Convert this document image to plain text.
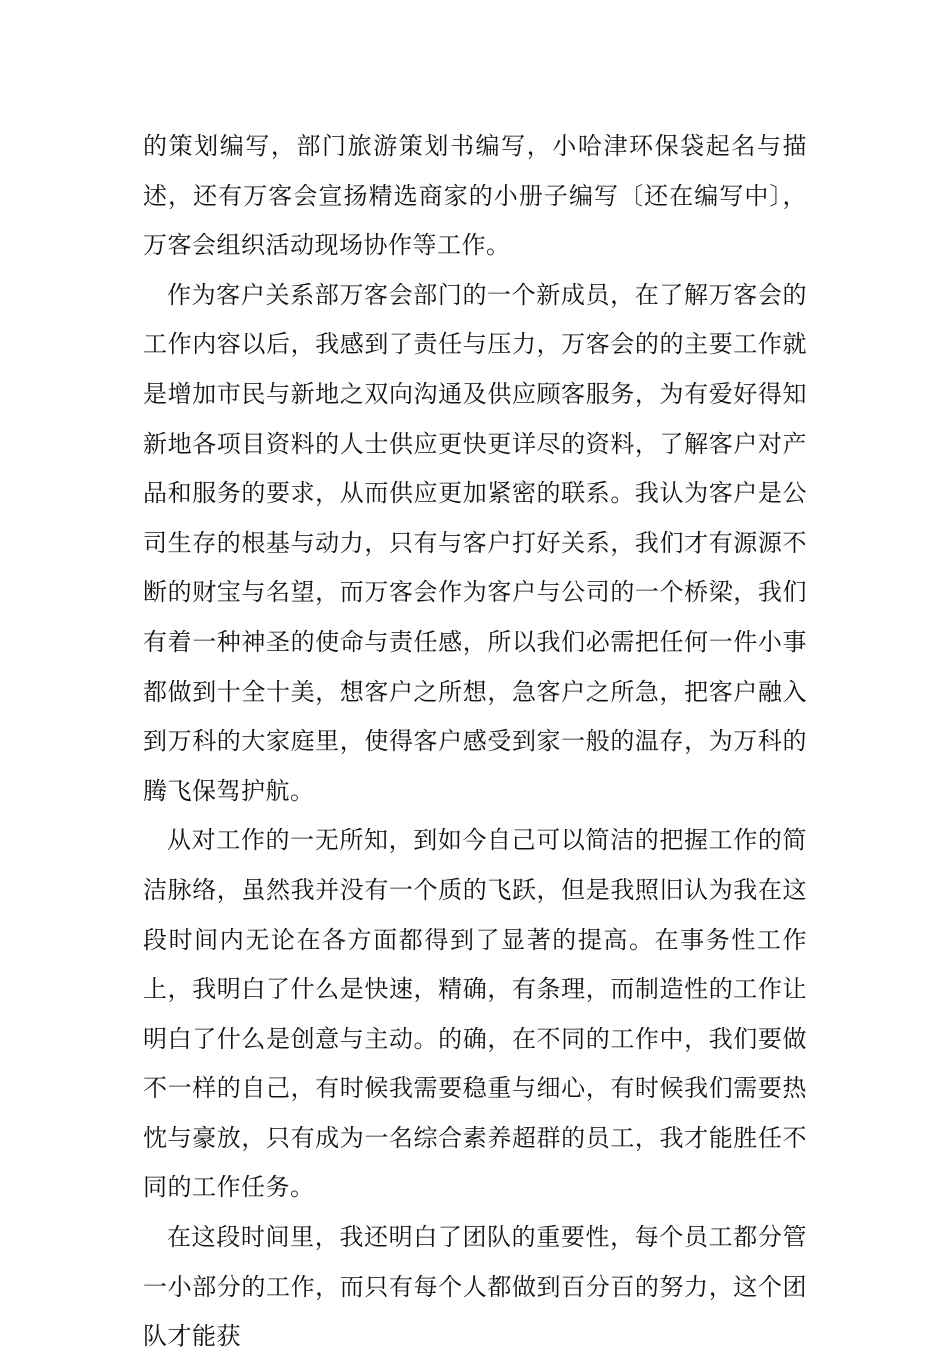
的策划编写，部门旅游策划书编写，小哈津环保袋起名与描述，还有万客会宣扬精选商家的小册子编写〔还在编写中〕，万客会组织活动现场协作等工作。

作为客户关系部万客会部门的一个新成员，在了解万客会的工作内容以后，我感到了责任与压力，万客会的的主要工作就是增加市民与新地之双向沟通及供应顾客服务，为有爱好得知新地各项目资料的人士供应更快更详尽的资料，了解客户对产品和服务的要求，从而供应更加紧密的联系。我认为客户是公司生存的根基与动力，只有与客户打好关系，我们才有源源不断的财宝与名望，而万客会作为客户与公司的一个桥梁，我们有着一种神圣的使命与责任感，所以我们必需把任何一件小事都做到十全十美，想客户之所想，急客户之所急，把客户融入到万科的大家庭里，使得客户感受到家一般的温存，为万科的腾飞保驾护航。

从对工作的一无所知，到如今自己可以简洁的把握工作的简洁脉络，虽然我并没有一个质的飞跃，但是我照旧认为我在这段时间内无论在各方面都得到了显著的提高。在事务性工作上，我明白了什么是快速，精确，有条理，而制造性的工作让明白了什么是创意与主动。的确，在不同的工作中，我们要做不一样的自己，有时候我需要稳重与细心，有时候我们需要热忱与豪放，只有成为一名综合素养超群的员工，我才能胜任不同的工作任务。

在这段时间里，我还明白了团队的重要性，每个员工都分管一小部分的工作，而只有每个人都做到百分百的努力，这个团队才能获
